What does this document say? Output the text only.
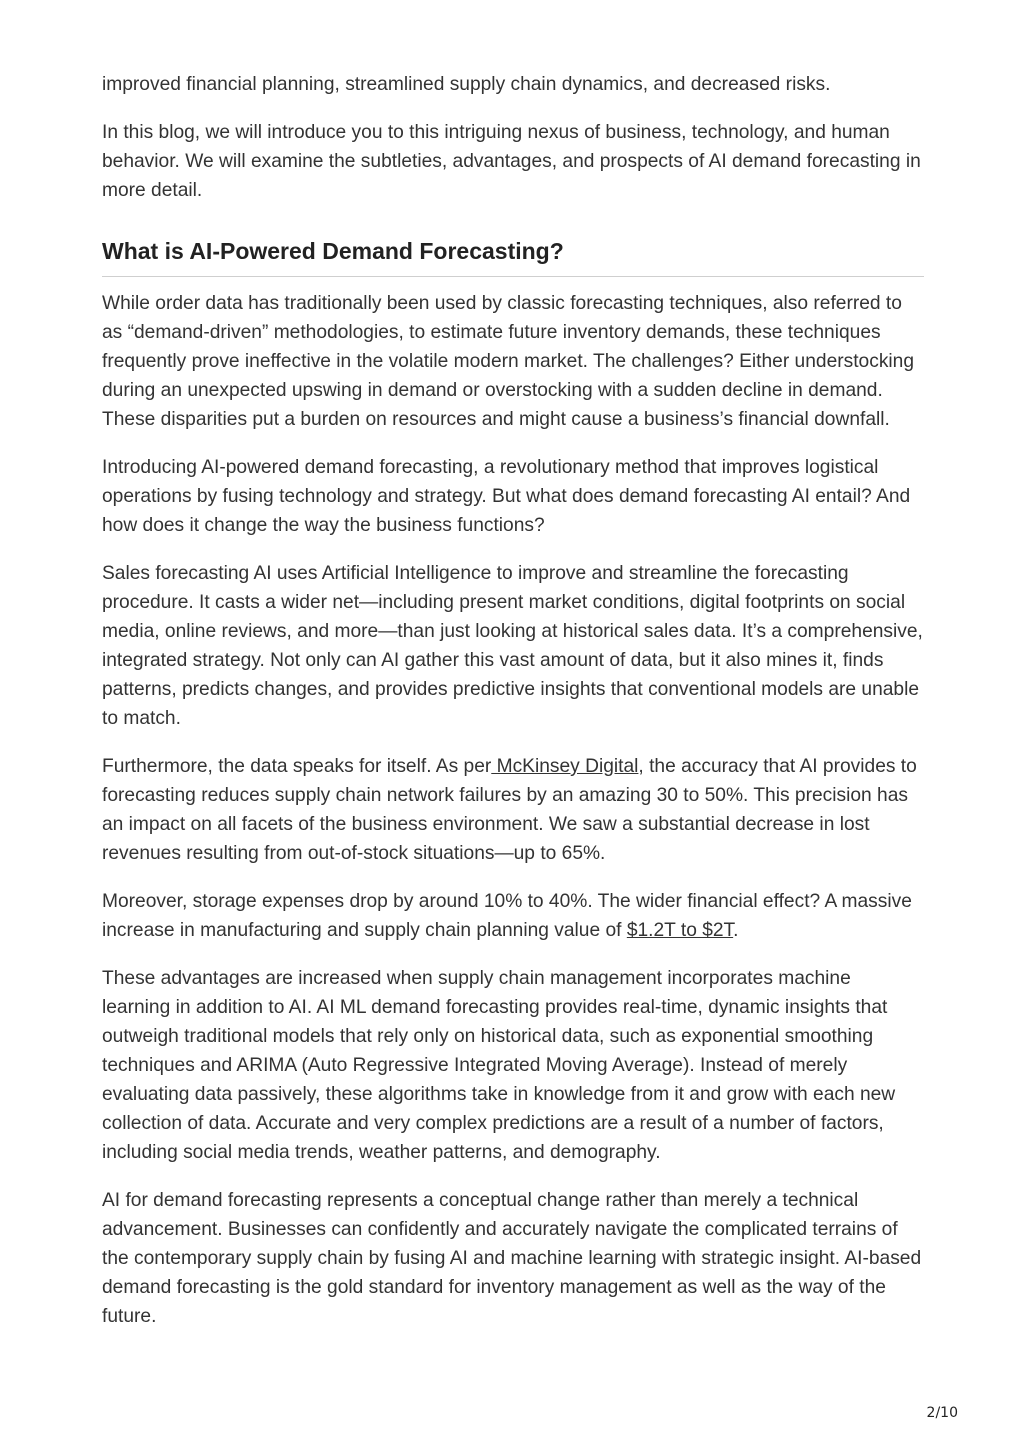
improved financial planning, streamlined supply chain dynamics, and decreased risks.

In this blog, we will introduce you to this intriguing nexus of business, technology, and human behavior. We will examine the subtleties, advantages, and prospects of AI demand forecasting in more detail.

What is AI-Powered Demand Forecasting?

While order data has traditionally been used by classic forecasting techniques, also referred to as “demand-driven” methodologies, to estimate future inventory demands, these techniques frequently prove ineffective in the volatile modern market. The challenges? Either understocking during an unexpected upswing in demand or overstocking with a sudden decline in demand. These disparities put a burden on resources and might cause a business’s financial downfall.

Introducing AI-powered demand forecasting, a revolutionary method that improves logistical operations by fusing technology and strategy. But what does demand forecasting AI entail? And how does it change the way the business functions?

Sales forecasting AI uses Artificial Intelligence to improve and streamline the forecasting procedure. It casts a wider net—including present market conditions, digital footprints on social media, online reviews, and more—than just looking at historical sales data. It’s a comprehensive, integrated strategy. Not only can AI gather this vast amount of data, but it also mines it, finds patterns, predicts changes, and provides predictive insights that conventional models are unable to match.

Furthermore, the data speaks for itself. As per McKinsey Digital, the accuracy that AI provides to forecasting reduces supply chain network failures by an amazing 30 to 50%. This precision has an impact on all facets of the business environment. We saw a substantial decrease in lost revenues resulting from out-of-stock situations—up to 65%.

Moreover, storage expenses drop by around 10% to 40%. The wider financial effect? A massive increase in manufacturing and supply chain planning value of $1.2T to $2T.

These advantages are increased when supply chain management incorporates machine learning in addition to AI. AI ML demand forecasting provides real-time, dynamic insights that outweigh traditional models that rely only on historical data, such as exponential smoothing techniques and ARIMA (Auto Regressive Integrated Moving Average). Instead of merely evaluating data passively, these algorithms take in knowledge from it and grow with each new collection of data. Accurate and very complex predictions are a result of a number of factors, including social media trends, weather patterns, and demography.

AI for demand forecasting represents a conceptual change rather than merely a technical advancement. Businesses can confidently and accurately navigate the complicated terrains of the contemporary supply chain by fusing AI and machine learning with strategic insight. AI-based demand forecasting is the gold standard for inventory management as well as the way of the future.

2/10
